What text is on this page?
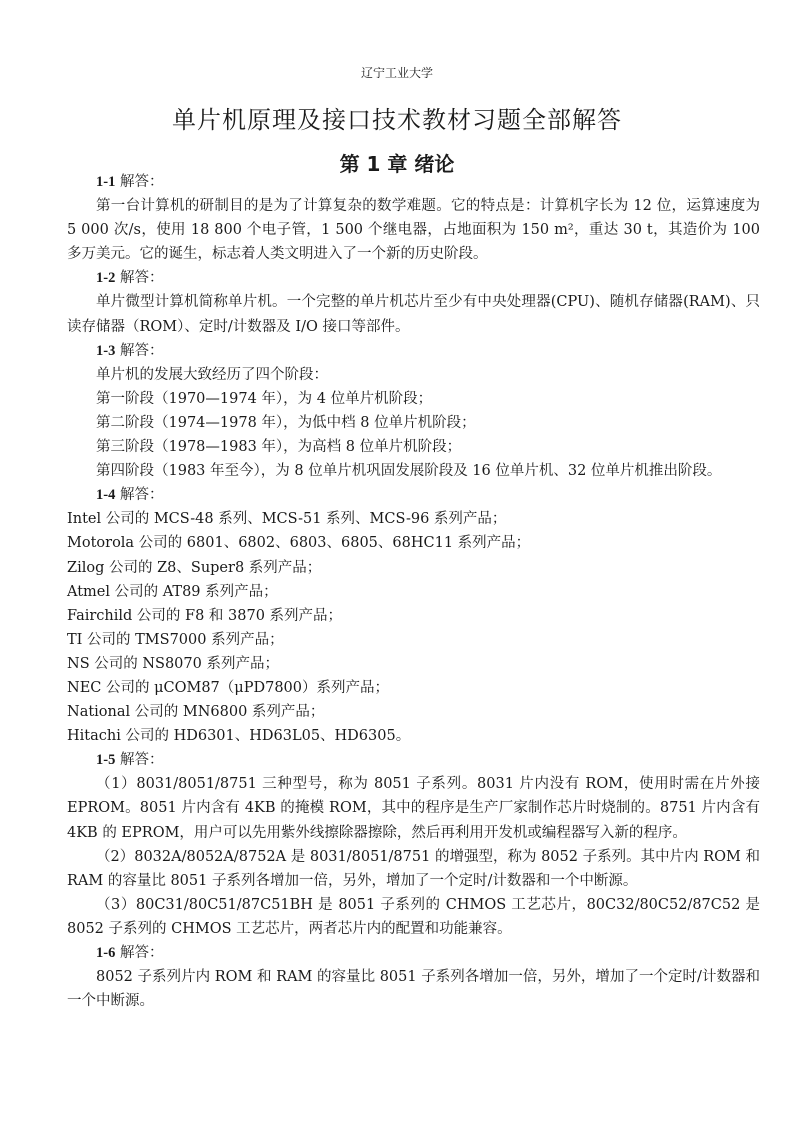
辽宁工业大学
单片机原理及接口技术教材习题全部解答
第 1 章 绪论
1-1 解答：
第一台计算机的研制目的是为了计算复杂的数学难题。它的特点是：计算机字长为 12 位，运算速度为 5 000 次/s，使用 18 800 个电子管，1 500 个继电器，占地面积为 150 m²，重达 30 t，其造价为 100 多万美元。它的诞生，标志着人类文明进入了一个新的历史阶段。
1-2 解答：
单片微型计算机简称单片机。一个完整的单片机芯片至少有中央处理器(CPU)、随机存储器(RAM)、只读存储器（ROM）、定时/计数器及 I/O 接口等部件。
1-3 解答：
单片机的发展大致经历了四个阶段：
第一阶段（1970—1974 年），为 4 位单片机阶段；
第二阶段（1974—1978 年），为低中档 8 位单片机阶段；
第三阶段（1978—1983 年），为高档 8 位单片机阶段；
第四阶段（1983 年至今），为 8 位单片机巩固发展阶段及 16 位单片机、32 位单片机推出阶段。
1-4 解答：
Intel 公司的 MCS-48 系列、MCS-51 系列、MCS-96 系列产品；
Motorola 公司的 6801、6802、6803、6805、68HC11 系列产品；
Zilog 公司的 Z8、Super8 系列产品；
Atmel 公司的 AT89 系列产品；
Fairchild 公司的 F8 和 3870 系列产品；
TI 公司的 TMS7000 系列产品；
NS 公司的 NS8070 系列产品；
NEC 公司的 μCOM87（μPD7800）系列产品；
National 公司的 MN6800 系列产品；
Hitachi 公司的 HD6301、HD63L05、HD6305。
1-5 解答：
（1）8031/8051/8751 三种型号，称为 8051 子系列。8031 片内没有 ROM，使用时需在片外接 EPROM。8051 片内含有 4KB 的掩模 ROM，其中的程序是生产厂家制作芯片时烧制的。8751 片内含有 4KB 的 EPROM，用户可以先用紫外线擦除器擦除，然后再利用开发机或编程器写入新的程序。
（2）8032A/8052A/8752A 是 8031/8051/8751 的增强型，称为 8052 子系列。其中片内 ROM 和 RAM 的容量比 8051 子系列各增加一倍，另外，增加了一个定时/计数器和一个中断源。
（3）80C31/80C51/87C51BH 是 8051 子系列的 CHMOS 工艺芯片，80C32/80C52/87C52 是 8052 子系列的 CHMOS 工艺芯片，两者芯片内的配置和功能兼容。
1-6 解答：
8052 子系列片内 ROM 和 RAM 的容量比 8051 子系列各增加一倍，另外，增加了一个定时/计数器和一个中断源。
